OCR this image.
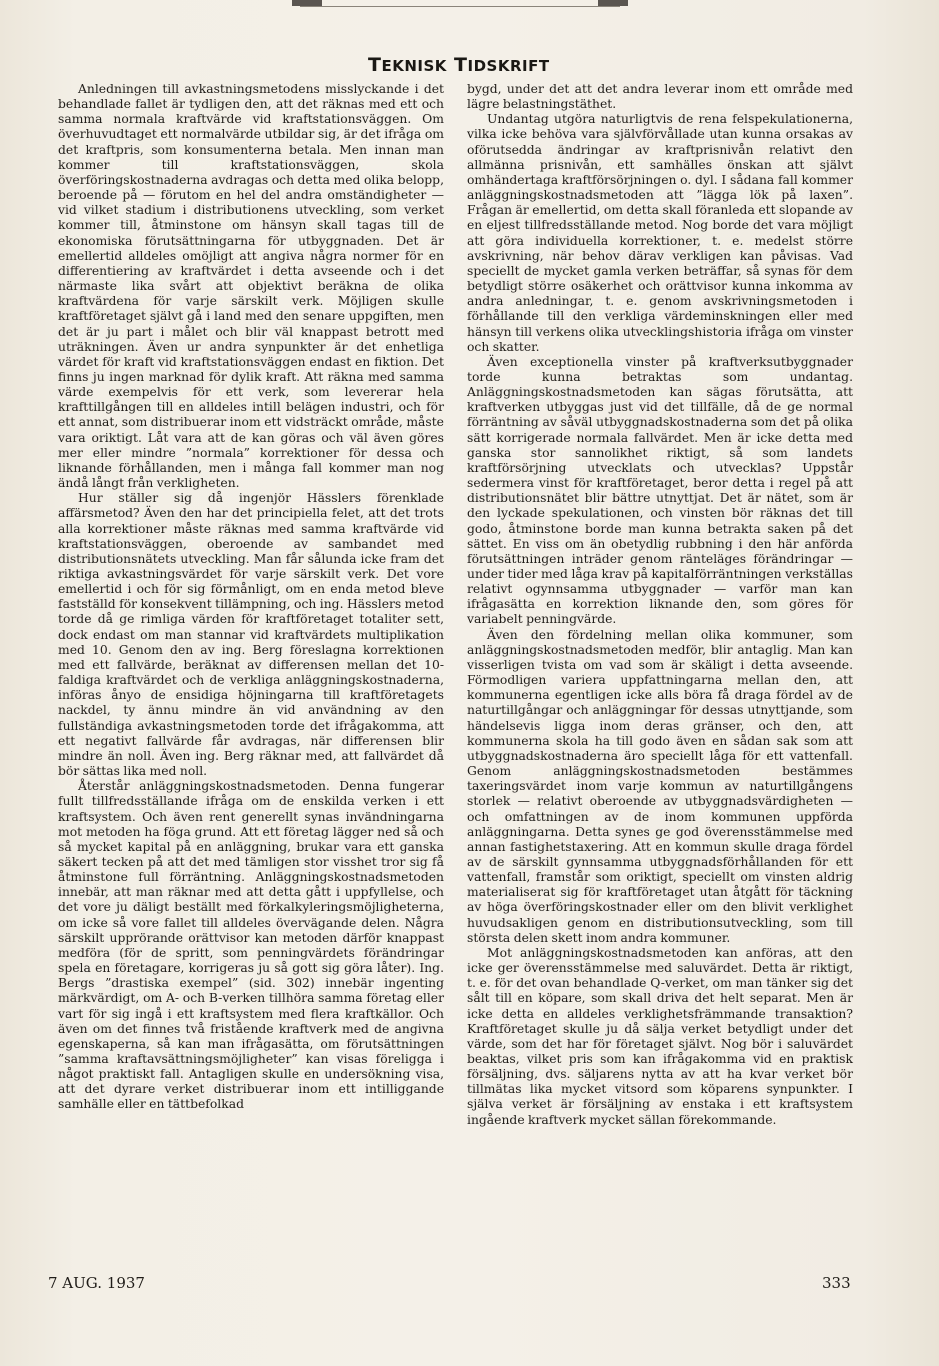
TEKNISK TIDSKRIFT

Anledningen till avkastningsmetodens misslyckande i det behandlade fallet är tydligen den, att det räknas med ett och samma normala kraftvärde vid kraftstationsväggen. Om överhuvudtaget ett normalvärde utbildar sig, är det ifråga om det kraftpris, som konsumenterna betala. Men innan man kommer till kraftstationsväggen, skola överföringskostnaderna avdragas och detta med olika belopp, beroende på — förutom en hel del andra omständigheter — vid vilket stadium i distributionens utveckling, som verket kommer till, åtminstone om hänsyn skall tagas till de ekonomiska förutsättningarna för utbyggnaden. Det är emellertid alldeles omöjligt att angiva några normer för en differentiering av kraftvärdet i detta avseende och i det närmaste lika svårt att objektivt beräkna de olika kraftvärdena för varje särskilt verk. Möjligen skulle kraftföretaget självt gå i land med den senare uppgiften, men det är ju part i målet och blir väl knappast betrott med uträkningen. Även ur andra synpunkter är det enhetliga värdet för kraft vid kraftstationsväggen endast en fiktion. Det finns ju ingen marknad för dylik kraft. Att räkna med samma värde exempelvis för ett verk, som levererar hela krafttillgången till en alldeles intill belägen industri, och för ett annat, som distribuerar inom ett vidsträckt område, måste vara oriktigt. Låt vara att de kan göras och väl även göres mer eller mindre ”normala” korrektioner för dessa och liknande förhållanden, men i många fall kommer man nog ändå långt från verkligheten.

Hur ställer sig då ingenjör Hässlers förenklade affärsmetod? Även den har det principiella felet, att det trots alla korrektioner måste räknas med samma kraftvärde vid kraftstationsväggen, oberoende av sambandet med distributionsnätets utveckling. Man får sålunda icke fram det riktiga avkastningsvärdet för varje särskilt verk. Det vore emellertid i och för sig förmånligt, om en enda metod bleve fastställd för konsekvent tillämpning, och ing. Hässlers metod torde då ge rimliga värden för kraftföretaget totaliter sett, dock endast om man stannar vid kraftvärdets multiplikation med 10. Genom den av ing. Berg föreslagna korrektionen med ett fallvärde, beräknat av differensen mellan det 10-faldiga kraftvärdet och de verkliga anläggningskostnaderna, införas ånyo de ensidiga höjningarna till kraftföretagets nackdel, ty ännu mindre än vid användning av den fullständiga avkastningsmetoden torde det ifrågakomma, att ett negativt fallvärde får avdragas, när differensen blir mindre än noll. Även ing. Berg räknar med, att fallvärdet då bör sättas lika med noll.

Återstår anläggningskostnadsmetoden. Denna fungerar fullt tillfredsställande ifråga om de enskilda verken i ett kraftsystem. Och även rent generellt synas invändningarna mot metoden ha föga grund. Att ett företag lägger ned så och så mycket kapital på en anläggning, brukar vara ett ganska säkert tecken på att det med tämligen stor visshet tror sig få åtminstone full förräntning. Anläggningskostnadsmetoden innebär, att man räknar med att detta gått i uppfyllelse, och det vore ju däligt beställt med förkalkyleringsmöjligheterna, om icke så vore fallet till alldeles övervägande delen. Några särskilt upprörande orättvisor kan metoden därför knappast medföra (för de spritt, som penningvärdets förändringar spela en företagare, korrigeras ju så gott sig göra låter). Ing. Bergs ”drastiska exempel” (sid. 302) innebär ingenting märkvärdigt, om A- och B-verken tillhöra samma företag eller vart för sig ingå i ett kraftsystem med flera kraftkällor. Och även om det finnes två fristående kraftverk med de angivna egenskaperna, så kan man ifrågasätta, om förutsättningen ”samma kraftavsättningsmöjligheter” kan visas föreligga i något praktiskt fall. Antagligen skulle en undersökning visa, att det dyrare verket distribuerar inom ett intilliggande samhälle eller en tättbefolkad

bygd, under det att det andra leverar inom ett område med lägre belastningstäthet.

Undantag utgöra naturligtvis de rena felspekulationerna, vilka icke behöva vara självförvållade utan kunna orsakas av oförutsedda ändringar av kraftprisnivån relativt den allmänna prisnivån, ett samhälles önskan att självt omhändertaga kraftförsörjningen o. dyl. I sådana fall kommer anläggningskostnadsmetoden att ”lägga lök på laxen”. Frågan är emellertid, om detta skall föranleda ett slopande av en eljest tillfredsställande metod. Nog borde det vara möjligt att göra individuella korrektioner, t. e. medelst större avskrivning, när behov därav verkligen kan påvisas. Vad speciellt de mycket gamla verken beträffar, så synas för dem betydligt större osäkerhet och orättvisor kunna inkomma av andra anledningar, t. e. genom avskrivningsmetoden i förhållande till den verkliga värdeminskningen eller med hänsyn till verkens olika utvecklingshistoria ifråga om vinster och skatter.

Även exceptionella vinster på kraftverksutbyggnader torde kunna betraktas som undantag. Anläggningskostnadsmetoden kan sägas förutsätta, att kraftverken utbyggas just vid det tillfälle, då de ge normal förräntning av såväl utbyggnadskostnaderna som det på olika sätt korrigerade normala fallvärdet. Men är icke detta med ganska stor sannolikhet riktigt, så som landets kraftförsörjning utvecklats och utvecklas? Uppstår sedermera vinst för kraftföretaget, beror detta i regel på att distributionsnätet blir bättre utnyttjat. Det är nätet, som är den lyckade spekulationen, och vinsten bör räknas det till godo, åtminstone borde man kunna betrakta saken på det sättet. En viss om än obetydlig rubbning i den här anförda förutsättningen inträder genom ränteläges förändringar — under tider med låga krav på kapitalförräntningen verkställas relativt ogynnsamma utbyggnader — varför man kan ifrågasätta en korrektion liknande den, som göres för variabelt penningvärde.

Även den fördelning mellan olika kommuner, som anläggningskostnadsmetoden medför, blir antaglig. Man kan visserligen tvista om vad som är skäligt i detta avseende. Förmodligen variera uppfattningarna mellan den, att kommunerna egentligen icke alls böra få draga fördel av de naturtillgångar och anläggningar för dessas utnyttjande, som händelsevis ligga inom deras gränser, och den, att kommunerna skola ha till godo även en sådan sak som att utbyggnadskostnaderna äro speciellt låga för ett vattenfall. Genom anläggningskostnadsmetoden bestämmes taxeringsvärdet inom varje kommun av naturtillgångens storlek — relativt oberoende av utbyggnadsvärdigheten — och omfattningen av de inom kommunen uppförda anläggningarna. Detta synes ge god överensstämmelse med annan fastighetstaxering. Att en kommun skulle draga fördel av de särskilt gynnsamma utbyggnadsförhållanden för ett vattenfall, framstår som oriktigt, speciellt om vinsten aldrig materialiserat sig för kraftföretaget utan åtgått för täckning av höga överföringskostnader eller om den blivit verklighet huvudsakligen genom en distributionsutveckling, som till största delen skett inom andra kommuner.

Mot anläggningskostnadsmetoden kan anföras, att den icke ger överensstämmelse med saluvärdet. Detta är riktigt, t. e. för det ovan behandlade Q-verket, om man tänker sig det sålt till en köpare, som skall driva det helt separat. Men är icke detta en alldeles verklighetsfrämmande transaktion? Kraftföretaget skulle ju då sälja verket betydligt under det värde, som det har för företaget självt. Nog bör i saluvärdet beaktas, vilket pris som kan ifrågakomma vid en praktisk försäljning, dvs. säljarens nytta av att ha kvar verket bör tillmätas lika mycket vitsord som köparens synpunkter. I själva verket är försäljning av enstaka i ett kraftsystem ingående kraftverk mycket sällan förekommande.

7 AUG. 1937	333
